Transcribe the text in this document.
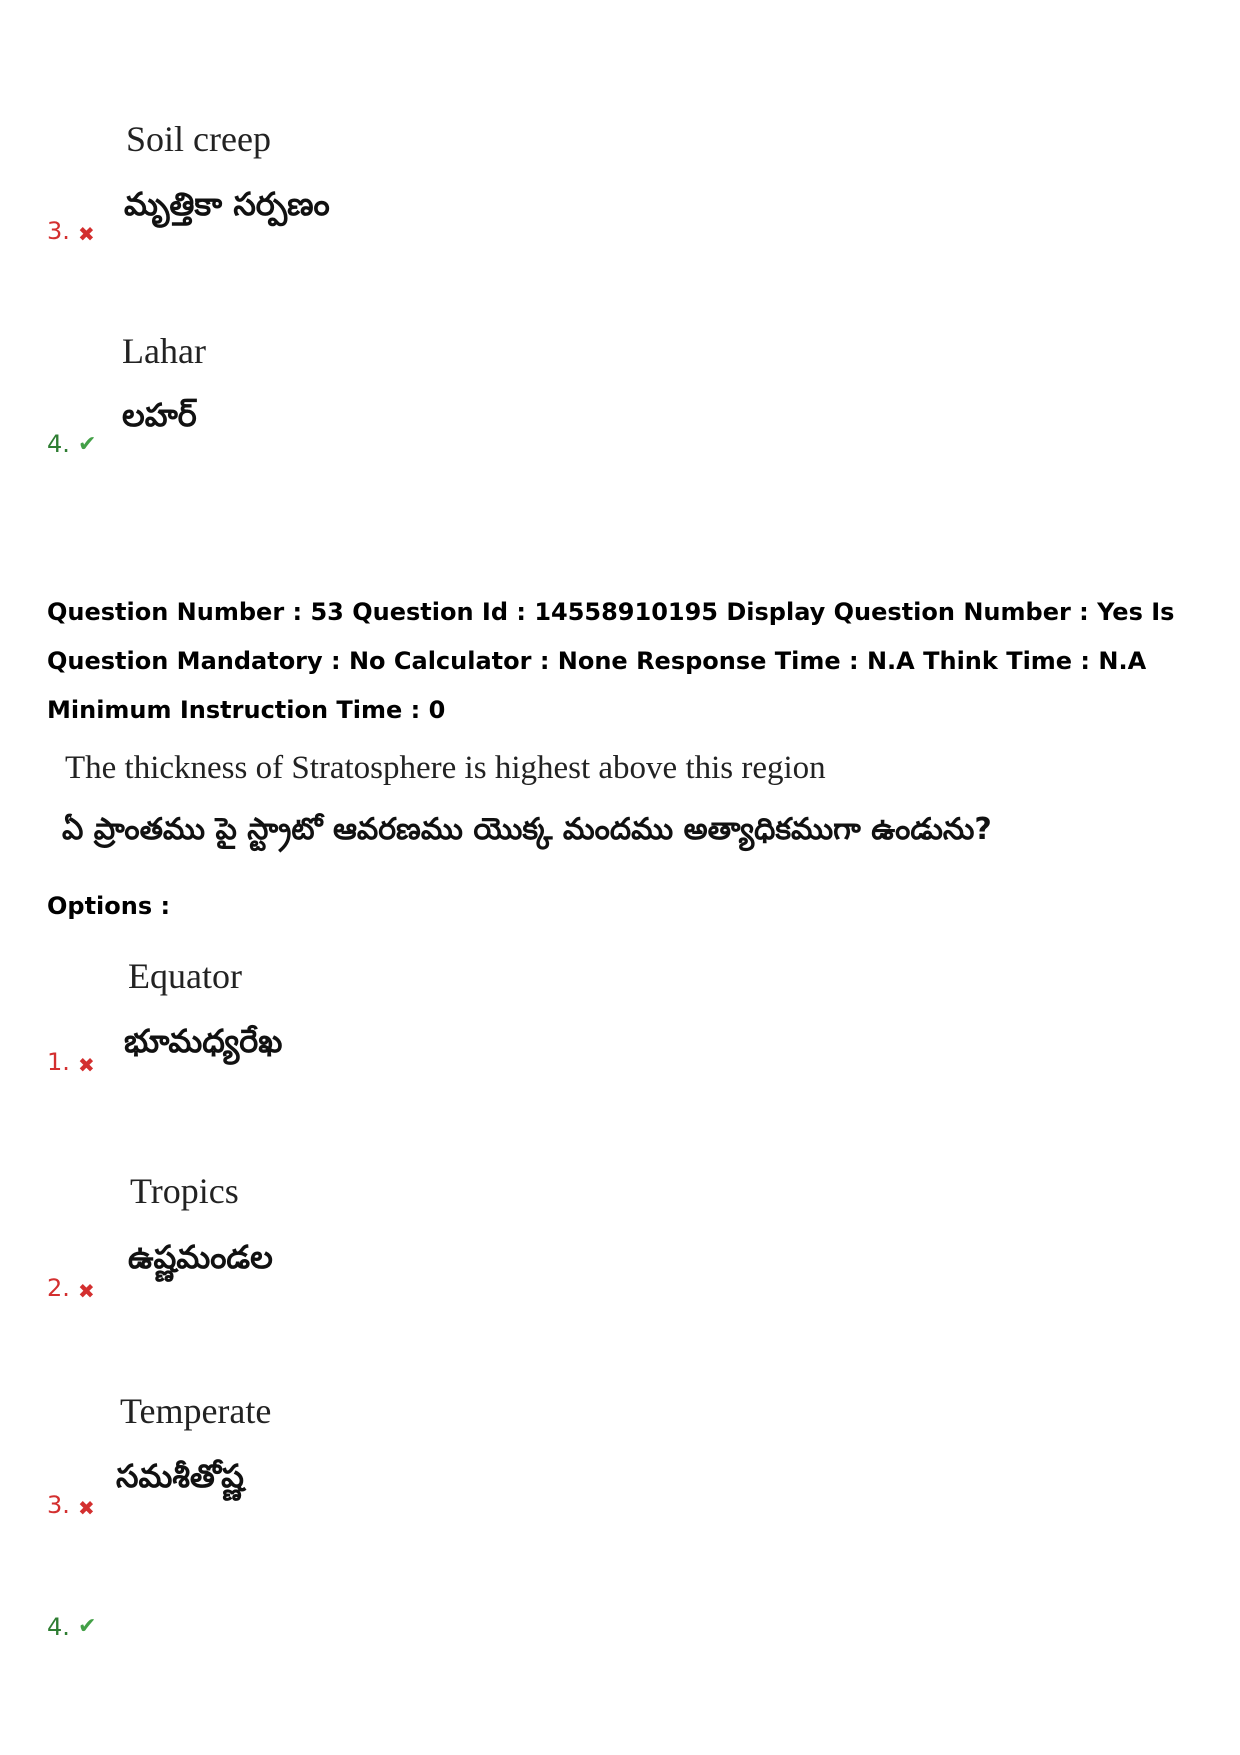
Soil creep
మృత్తికా సర్పణం
3. ✖
Lahar
లహర్
4. ✔
Question Number : 53 Question Id : 14558910195 Display Question Number : Yes Is Question Mandatory : No Calculator : None Response Time : N.A Think Time : N.A Minimum Instruction Time : 0
The thickness of Stratosphere is highest above this region
ఏ ప్రాంతము పై స్ట్రాటో ఆవరణము యొక్క మందము అత్యాధికముగా ఉండును?
Options :
Equator
భూమధ్యరేఖ
1. ✖
Tropics
ఉష్ణమండల
2. ✖
Temperate
సమశీతోష్ణ
3. ✖
4. ✔
